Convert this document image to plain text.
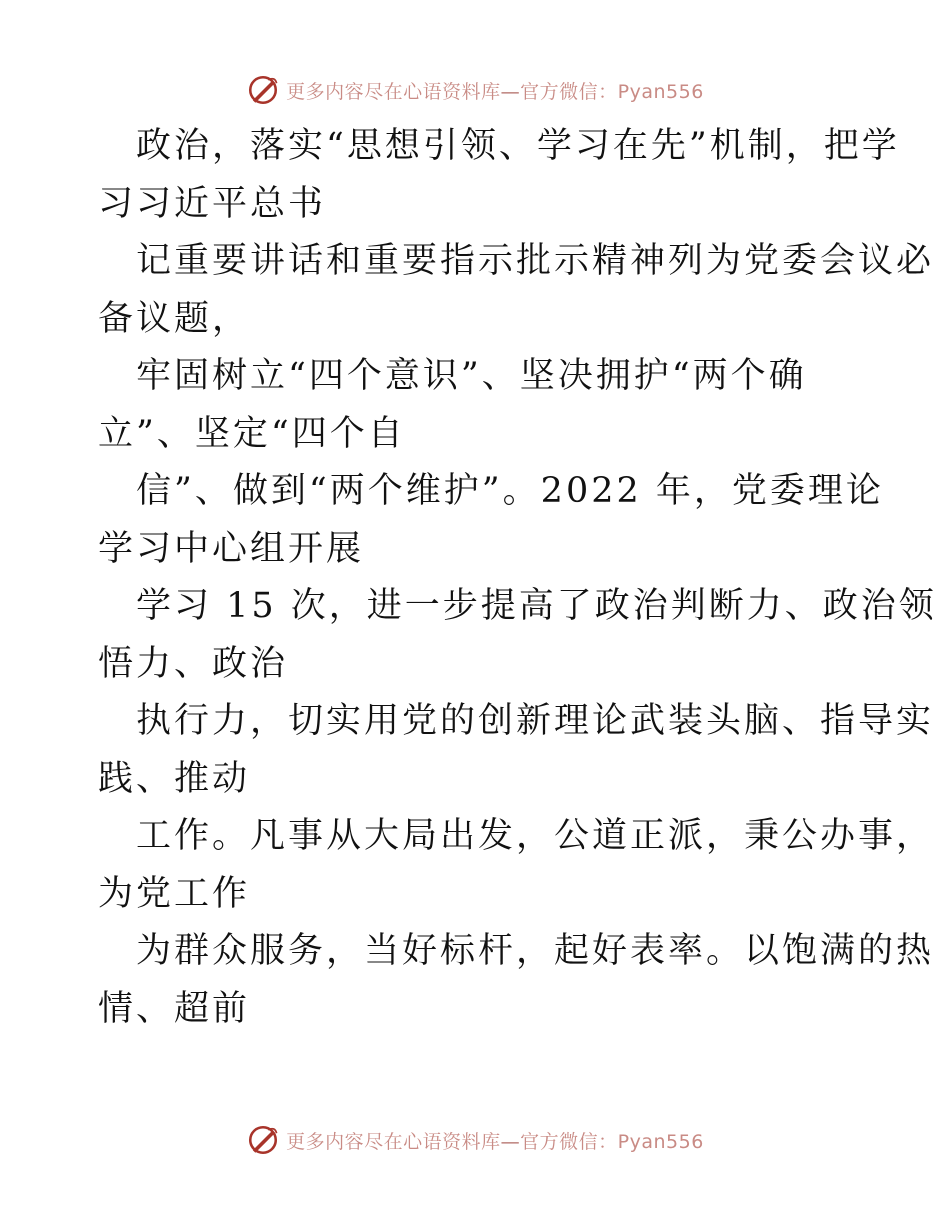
更多内容尽在心语资料库—官方微信：Pyan556
政治，落实“思想引领、学习在先”机制，把学
习习近平总书
记重要讲话和重要指示批示精神列为党委会议必
备议题，
牢固树立“四个意识”、坚决拥护“两个确
立”、坚定“四个自
信”、做到“两个维护”。2022 年，党委理论
学习中心组开展
学习 15 次，进一步提高了政治判断力、政治领
悟力、政治
执行力，切实用党的创新理论武装头脑、指导实
践、推动
工作。凡事从大局出发，公道正派，秉公办事，
为党工作
为群众服务，当好标杆，起好表率。以饱满的热
情、超前
更多内容尽在心语资料库—官方微信：Pyan556
